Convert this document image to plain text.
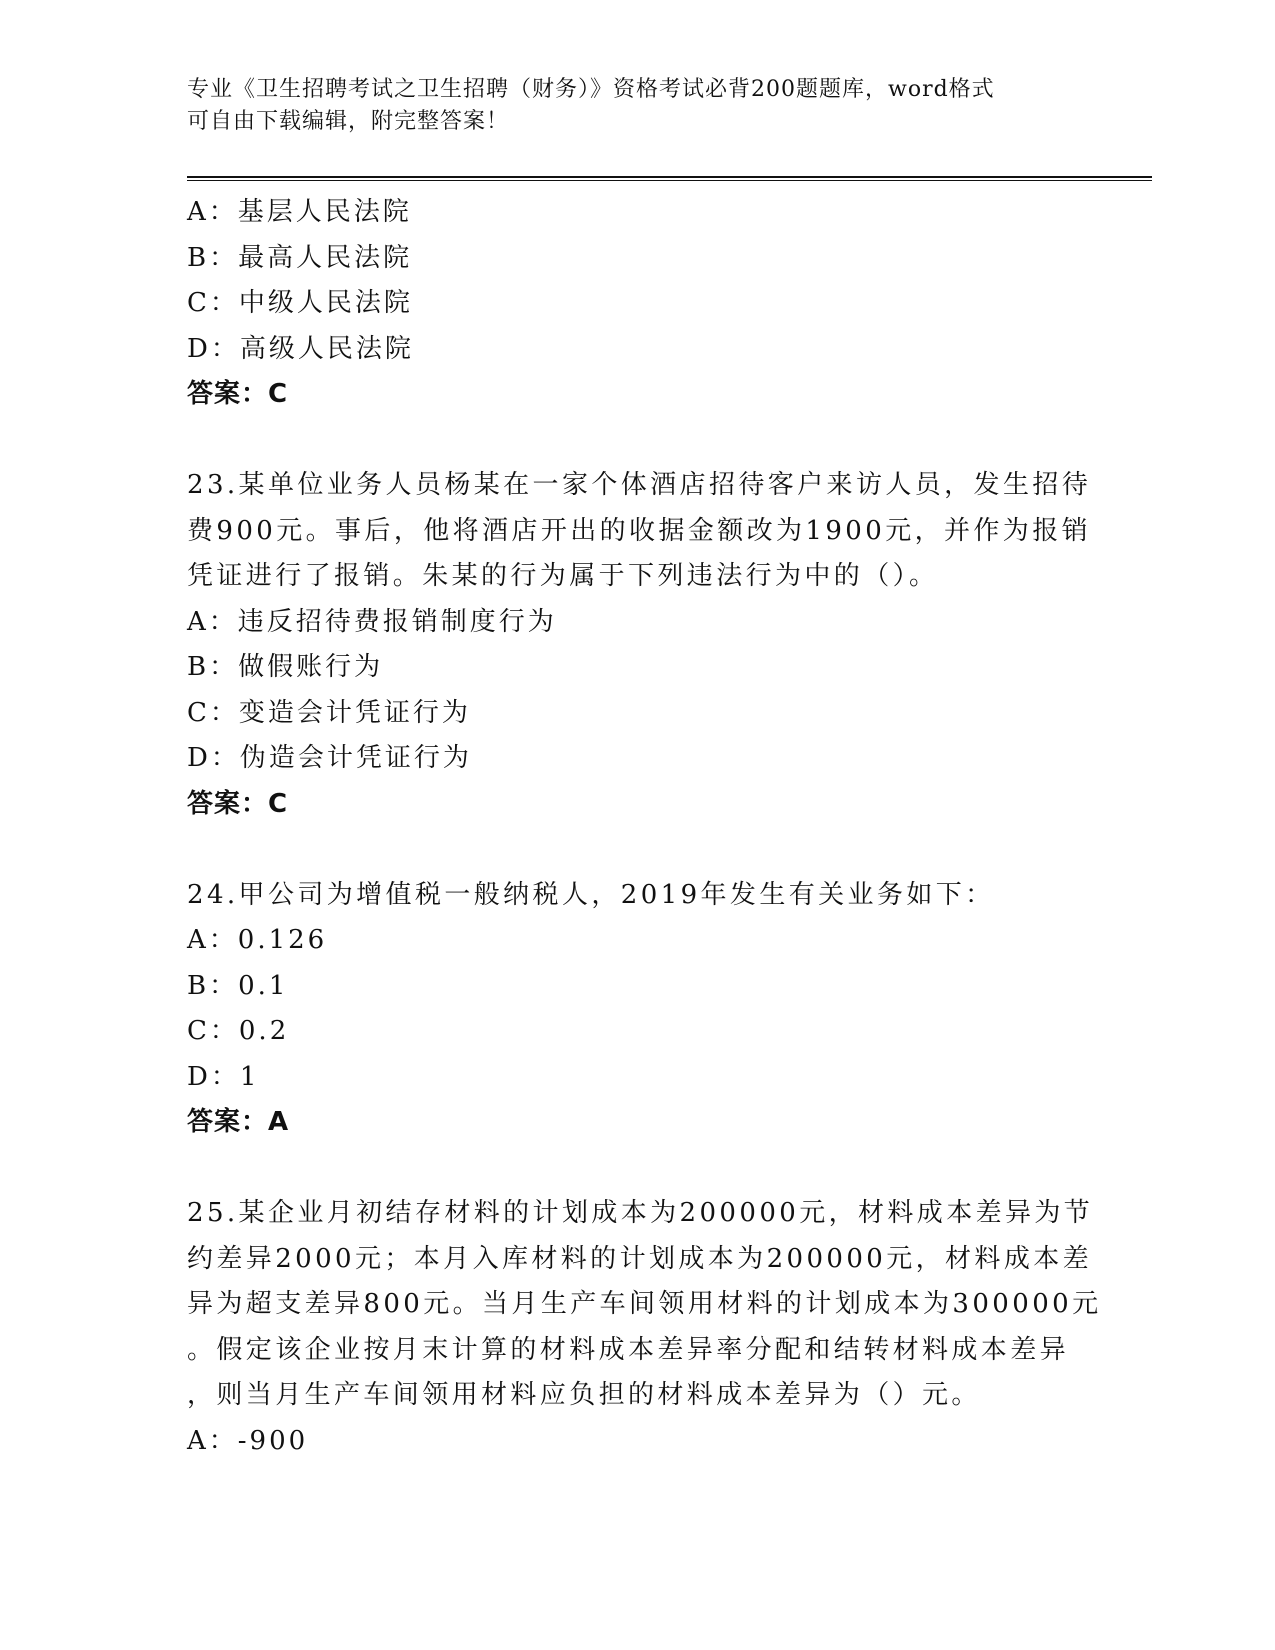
专业《卫生招聘考试之卫生招聘（财务）》资格考试必背200题题库，word格式
可自由下载编辑，附完整答案！
A：基层人民法院
B：最高人民法院
C：中级人民法院
D：高级人民法院
答案：C
23.某单位业务人员杨某在一家个体酒店招待客户来访人员，发生招待
费900元。事后，他将酒店开出的收据金额改为1900元，并作为报销
凭证进行了报销。朱某的行为属于下列违法行为中的（）。
A：违反招待费报销制度行为
B：做假账行为
C：变造会计凭证行为
D：伪造会计凭证行为
答案：C
24.甲公司为增值税一般纳税人，2019年发生有关业务如下：
A：0.126
B：0.1
C：0.2
D：1
答案：A
25.某企业月初结存材料的计划成本为200000元，材料成本差异为节
约差异2000元；本月入库材料的计划成本为200000元，材料成本差
异为超支差异800元。当月生产车间领用材料的计划成本为300000元
。假定该企业按月末计算的材料成本差异率分配和结转材料成本差异
，则当月生产车间领用材料应负担的材料成本差异为（）元。
A：-900
